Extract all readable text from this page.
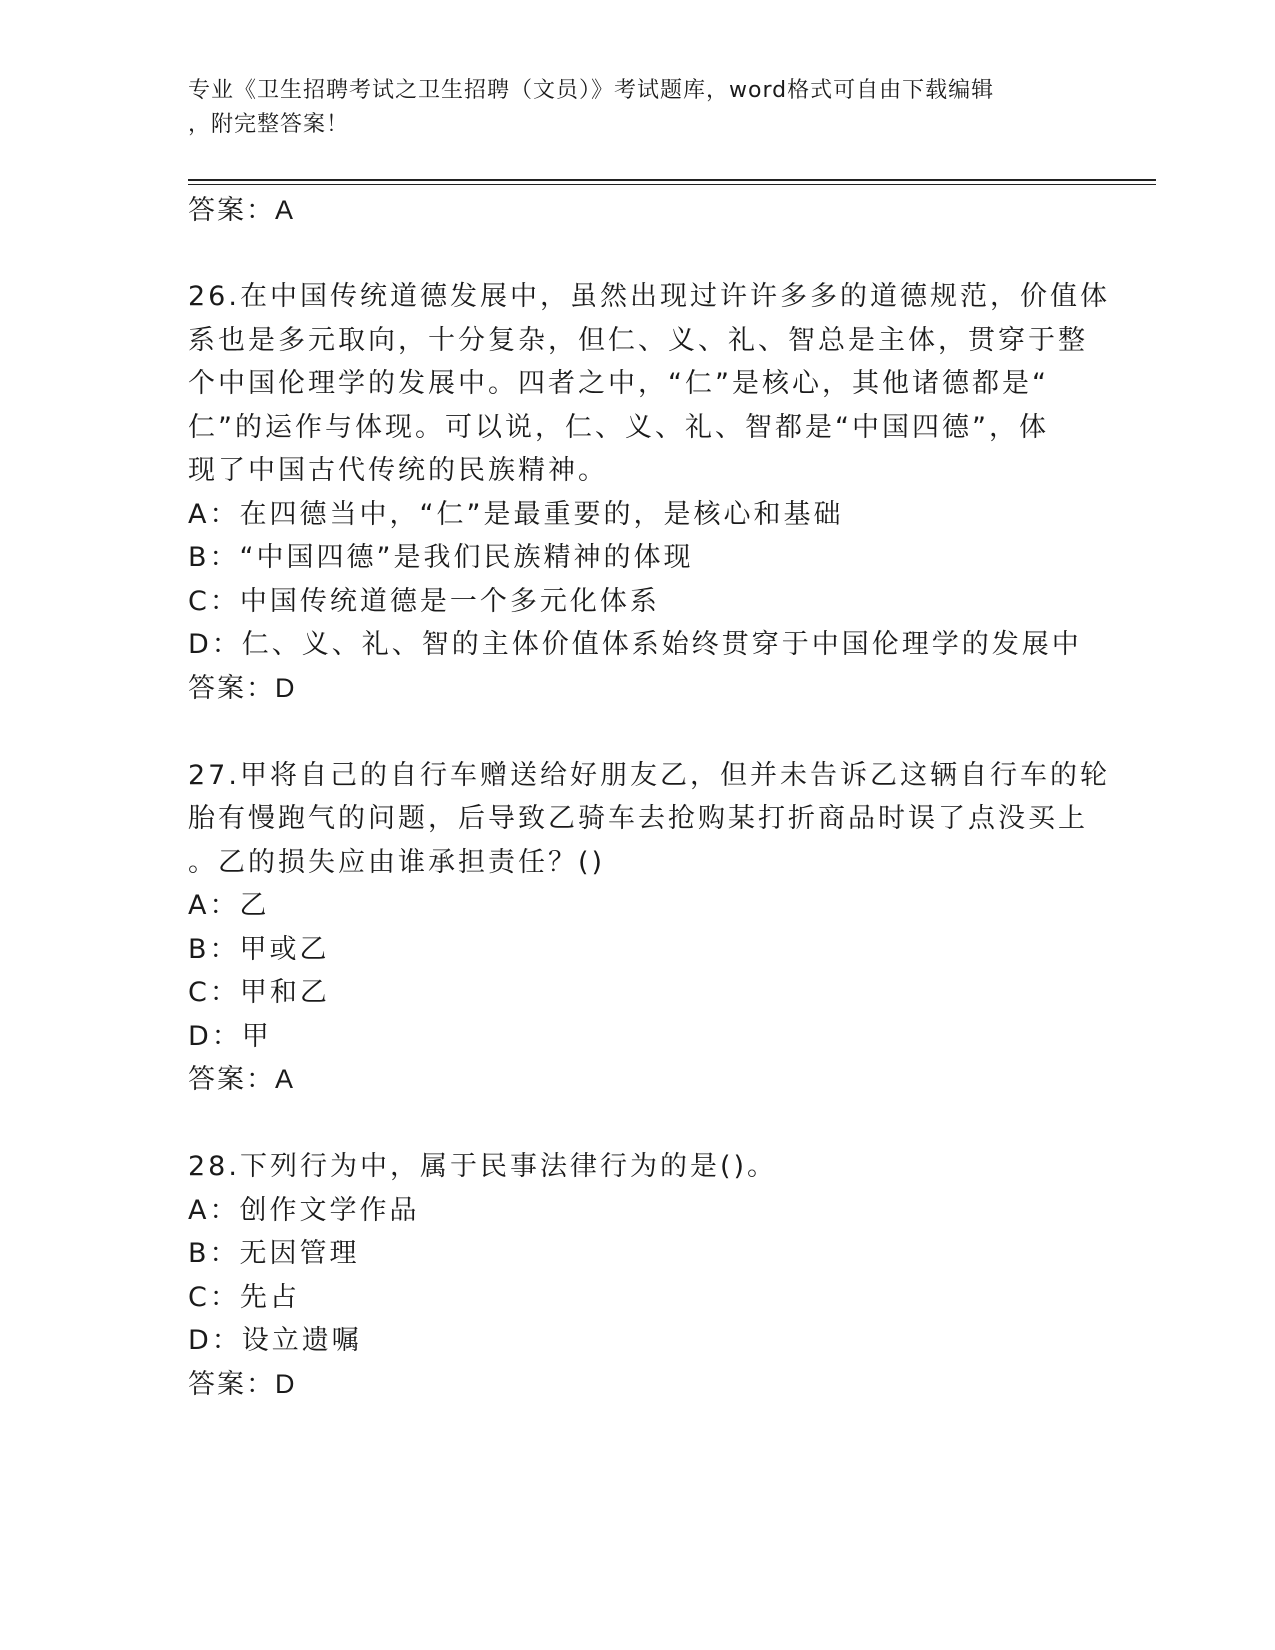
专业《卫生招聘考试之卫生招聘（文员）》考试题库，word格式可自由下载编辑
，附完整答案！
答案：A
26.在中国传统道德发展中，虽然出现过许许多多的道德规范，价值体
系也是多元取向，十分复杂，但仁、义、礼、智总是主体，贯穿于整
个中国伦理学的发展中。四者之中，“仁”是核心，其他诸德都是“
仁”的运作与体现。可以说，仁、义、礼、智都是“中国四德”，体
现了中国古代传统的民族精神。
A：在四德当中，“仁”是最重要的，是核心和基础
B：“中国四德”是我们民族精神的体现
C：中国传统道德是一个多元化体系
D：仁、义、礼、智的主体价值体系始终贯穿于中国伦理学的发展中
答案：D
27.甲将自己的自行车赠送给好朋友乙，但并未告诉乙这辆自行车的轮
胎有慢跑气的问题，后导致乙骑车去抢购某打折商品时误了点没买上
。乙的损失应由谁承担责任？()
A：乙
B：甲或乙
C：甲和乙
D：甲
答案：A
28.下列行为中，属于民事法律行为的是()。
A：创作文学作品
B：无因管理
C：先占
D：设立遗嘱
答案：D
